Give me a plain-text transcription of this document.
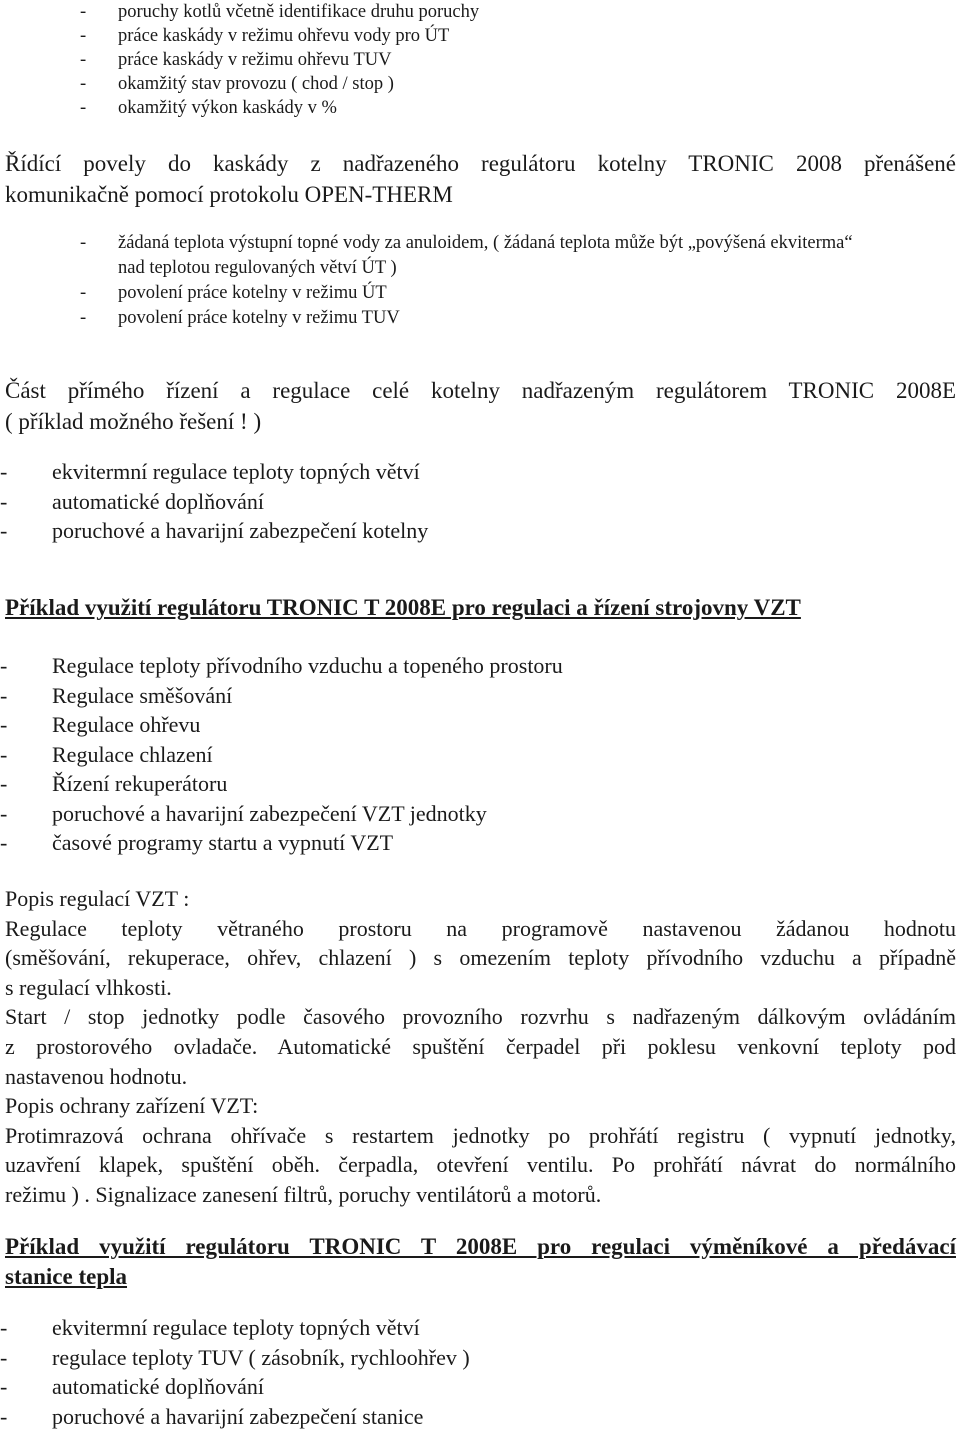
- poruchy kotlů včetně identifikace druhu poruchy
- práce kaskády v režimu ohřevu vody pro ÚT
- práce kaskády v režimu ohřevu TUV
- okamžitý stav provozu ( chod / stop )
- okamžitý výkon kaskády v %
Řídící povely do kaskády z nadřazeného regulátoru kotelny TRONIC 2008 přenášené
komunikačně pomocí protokolu OPEN-THERM
- žádaná teplota výstupní topné vody za anuloidem, ( žádaná teplota může být „povýšená ekviterma“
nad teplotou regulovaných větví ÚT )
- povolení práce kotelny v režimu ÚT
- povolení práce kotelny v režimu TUV
Část přímého řízení a regulace celé kotelny nadřazeným regulátorem TRONIC 2008E
( příklad možného řešení ! )
- ekvitermní regulace teploty topných větví
- automatické doplňování
- poruchové a havarijní zabezpečení kotelny
Příklad využití regulátoru TRONIC T 2008E pro regulaci a řízení strojovny VZT
- Regulace teploty přívodního vzduchu a topeného prostoru
- Regulace směšování
- Regulace ohřevu
- Regulace chlazení
- Řízení rekuperátoru
- poruchové a havarijní zabezpečení VZT jednotky
- časové programy startu a vypnutí VZT

Popis regulací VZT :

Regulace teploty větraného prostoru na programově nastavenou žádanou hodnotu
(směšování, rekuperace, ohřev, chlazení ) s omezením teploty přívodního vzduchu a případně
s regulací vlhkosti.

Start / stop jednotky podle časového provozního rozvrhu s nadřazeným dálkovým ovládáním
z prostorového ovladače. Automatické spuštění čerpadel při poklesu venkovní teploty pod
nastavenou hodnotu.

Popis ochrany zařízení VZT:

Protimrazová ochrana ohřívače s restartem jednotky po prohřátí registru ( vypnutí jednotky,
uzavření klapek, spuštění oběh. čerpadla, otevření ventilu. Po prohřátí návrat do normálního
režimu ) . Signalizace zanesení filtrů, poruchy ventilátorů a motorů.

Příklad využití regulátoru TRONIC T 2008E pro regulaci výměníkové a předávací
stanice tepla
- ekvitermní regulace teploty topných větví
- regulace teploty TUV ( zásobník, rychloohřev )
- automatické doplňování
- poruchové a havarijní zabezpečení stanice
